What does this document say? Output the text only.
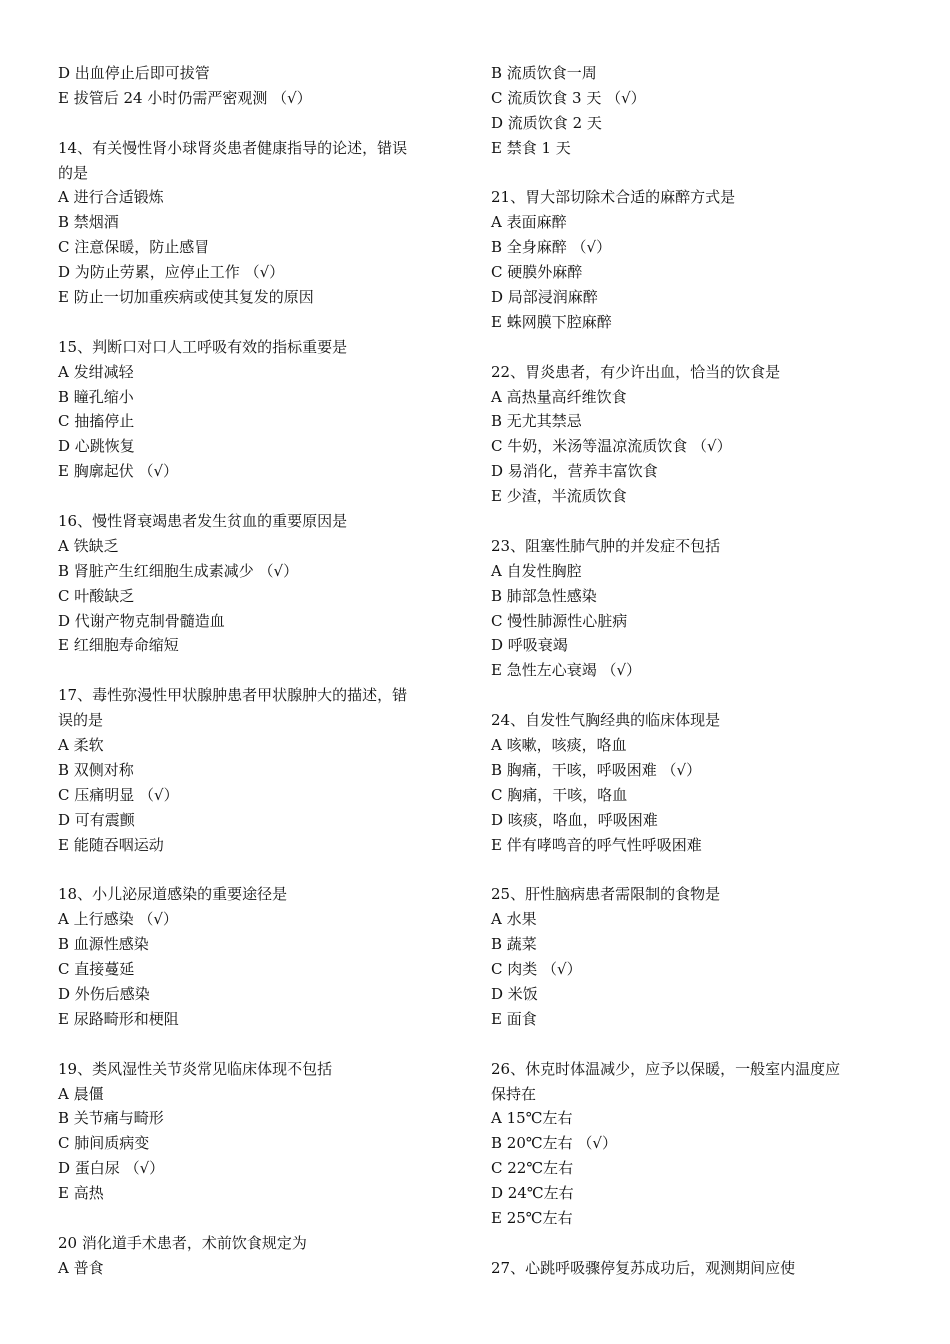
D 出血停止后即可拔管
E 拔管后 24 小时仍需严密观测 （√）
14、有关慢性肾小球肾炎患者健康指导的论述，错误
的是
A 进行合适锻炼
B 禁烟酒
C 注意保暖，防止感冒
D 为防止劳累，应停止工作 （√）
E 防止一切加重疾病或使其复发的原因
15、判断口对口人工呼吸有效的指标重要是
A 发绀减轻
B 瞳孔缩小
C 抽搐停止
D 心跳恢复
E 胸廓起伏 （√）
16、慢性肾衰竭患者发生贫血的重要原因是
A 铁缺乏
B 肾脏产生红细胞生成素减少 （√）
C 叶酸缺乏
D 代谢产物克制骨髓造血
E 红细胞寿命缩短
17、毒性弥漫性甲状腺肿患者甲状腺肿大的描述，错
误的是
A 柔软
B 双侧对称
C 压痛明显 （√）
D 可有震颤
E 能随吞咽运动
18、小儿泌尿道感染的重要途径是
A 上行感染 （√）
B 血源性感染
C 直接蔓延
D 外伤后感染
E 尿路畸形和梗阻
19、类风湿性关节炎常见临床体现不包括
A 晨僵
B 关节痛与畸形
C 肺间质病变
D 蛋白尿 （√）
E 高热
20 消化道手术患者，术前饮食规定为
A 普食
B 流质饮食一周
C 流质饮食 3 天 （√）
D 流质饮食 2 天
E 禁食 1 天
21、胃大部切除术合适的麻醉方式是
A 表面麻醉
B 全身麻醉 （√）
C 硬膜外麻醉
D 局部浸润麻醉
E 蛛网膜下腔麻醉
22、胃炎患者，有少许出血，恰当的饮食是
A 高热量高纤维饮食
B 无尤其禁忌
C 牛奶，米汤等温凉流质饮食 （√）
D 易消化，营养丰富饮食
E 少渣，半流质饮食
23、阻塞性肺气肿的并发症不包括
A 自发性胸腔
B 肺部急性感染
C 慢性肺源性心脏病
D 呼吸衰竭
E 急性左心衰竭 （√）
24、自发性气胸经典的临床体现是
A 咳嗽，咳痰，咯血
B 胸痛，干咳，呼吸困难 （√）
C 胸痛，干咳，咯血
D 咳痰，咯血，呼吸困难
E 伴有哮鸣音的呼气性呼吸困难
25、肝性脑病患者需限制的食物是
A 水果
B 蔬菜
C 肉类 （√）
D 米饭
E 面食
26、休克时体温减少，应予以保暖，一般室内温度应
保持在
A 15℃左右
B 20℃左右 （√）
C 22℃左右
D 24℃左右
E 25℃左右
27、心跳呼吸骤停复苏成功后，观测期间应使
